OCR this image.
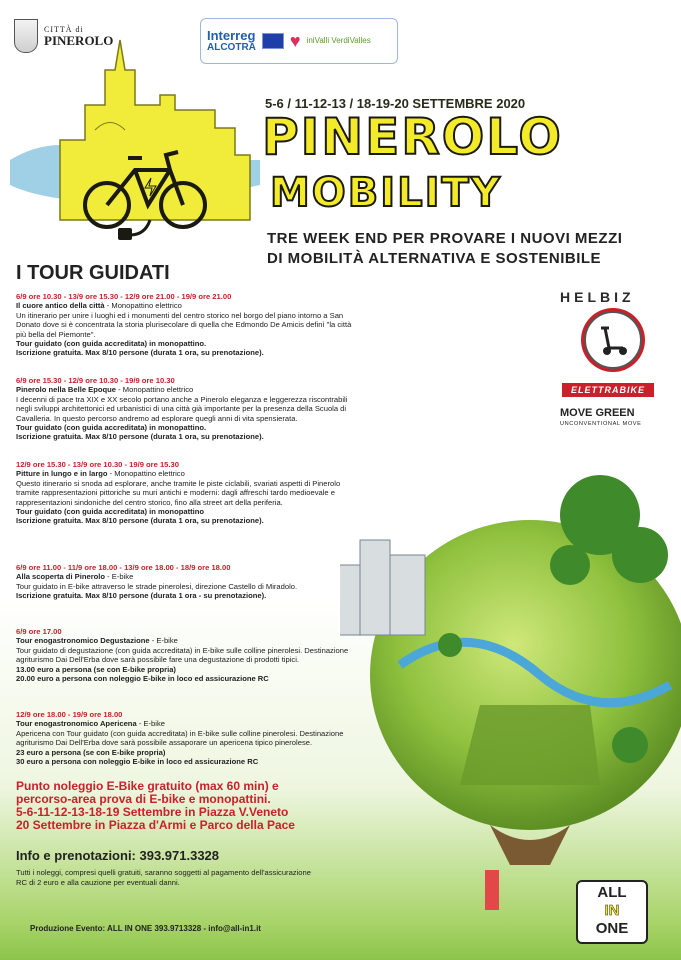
CITTÀ di
PINEROLO	Interreg
ALCOTRA ♥ iniValli VerdiValles
5-6 / 11-12-13 / 18-19-20 SETTEMBRE 2020
PINEROLO
MOBILITY
TRE WEEK END PER PROVARE I NUOVI MEZZI
DI MOBILITÀ ALTERNATIVA E SOSTENIBILE
I TOUR GUIDATI

6/9 ore 10.30 - 13/9 ore 15.30 - 12/9 ore 21.00 - 19/9 ore 21.00

Il cuore antico della città - Monopattino elettrico

Un itinerario per unire i luoghi ed i monumenti del centro storico nel borgo del piano intorno a San Donato dove si è concentrata la storia plurisecolare di quella che Edmondo De Amicis definì "la città più bella del Piemonte".

Tour guidato (con guida accreditata) in monopattino.

Iscrizione gratuita. Max 8/10 persone (durata 1 ora, su prenotazione).

6/9 ore 15.30 - 12/9 ore 10.30 - 19/9 ore 10.30

Pinerolo nella Belle Epoque - Monopattino elettrico

I decenni di pace tra XIX e XX secolo portano anche a Pinerolo eleganza e leggerezza riscontrabili negli sviluppi architettonici ed urbanistici di una città già importante per la presenza della Scuola di Cavalleria. In questo percorso andremo ad esplorare quegli anni di vita spensierata.

Tour guidato (con guida accreditata) in monopattino.

Iscrizione gratuita. Max 8/10 persone (durata 1 ora, su prenotazione).

12/9 ore 15.30 - 13/9 ore 10.30 - 19/9 ore 15.30

Pitture in lungo e in largo - Monopattino elettrico

Questo itinerario si snoda ad esplorare, anche tramite le piste ciclabili, svariati aspetti di Pinerolo tramite rappresentazioni pittoriche su muri antichi e moderni: dagli affreschi tardo medioevale e rappresentazioni sindoniche del centro storico, fino alla street art della periferia.

Tour guidato (con guida accreditata) in monopattino

Iscrizione gratuita. Max 8/10 persone (durata 1 ora, su prenotazione).

6/9 ore 11.00 - 11/9 ore 18.00 - 13/9 ore 18.00 - 18/9 ore 18.00

Alla scoperta di Pinerolo - E-bike

Tour guidato in E-bike attraverso le strade pinerolesi, direzione Castello di Miradolo.

Iscrizione gratuita. Max 8/10 persone (durata 1 ora - su prenotazione).

6/9 ore 17.00

Tour enogastronomico Degustazione - E-bike

Tour guidato di degustazione (con guida accreditata) in E-bike sulle colline pinerolesi. Destinazione agriturismo Dai Dell'Erba dove sarà possibile fare una degustazione di prodotti tipici.

13.00 euro a persona (se con E-bike propria)

20.00 euro a persona con noleggio E-bike in loco ed assicurazione RC

12/9 ore 18.00 - 19/9 ore 18.00

Tour enogastronomico Apericena - E-bike

Apericena con Tour guidato (con guida accreditata) in E-bike sulle colline pinerolesi. Destinazione agriturismo Dai Dell'Erba dove sarà possibile assaporare un apericena tipico pinerolese.

23 euro a persona (se con E-bike propria)

30 euro a persona con noleggio E-bike in loco ed assicurazione RC

Punto noleggio E-Bike gratuito (max 60 min) e
percorso-area prova di E-bike e monopattini.
5-6-11-12-13-18-19 Settembre in Piazza V.Veneto
20 Settembre in Piazza d'Armi e Parco della Pace
Info e prenotazioni: 393.971.3328
Tutti i noleggi, compresi quelli gratuiti, saranno soggetti al pagamento dell'assicurazione RC di 2 euro e alla cauzione per eventuali danni.
Produzione Evento: ALL IN ONE 393.9713328 - info@all-in1.it
HELBIZ
ELETTRABIKE
MOVE GREEN
UNCONVENTIONAL MOVE
ALL
IN
ONE
